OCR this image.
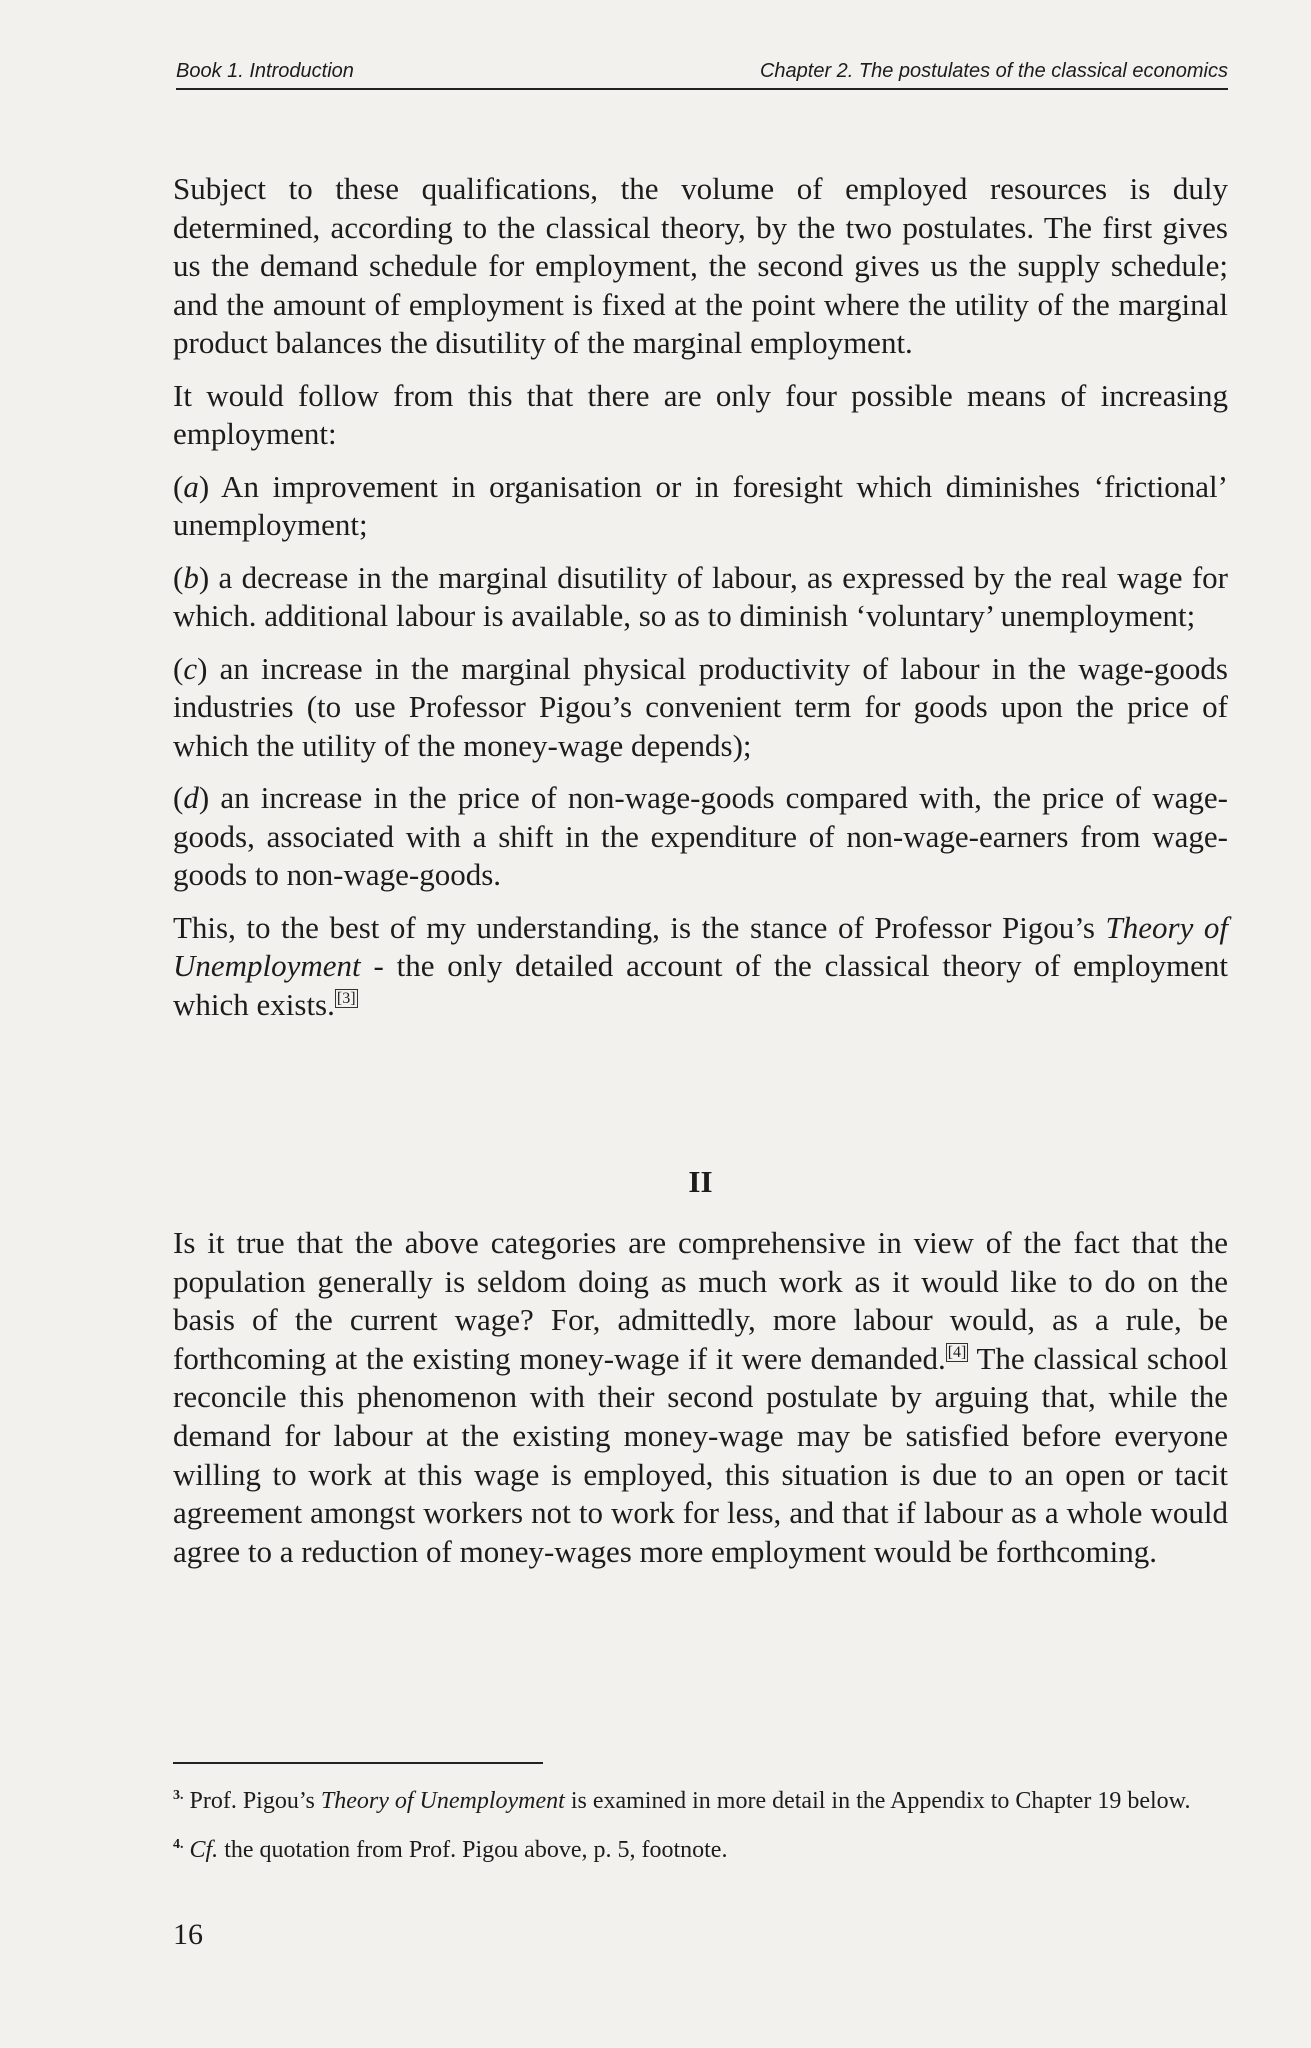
Book 1. Introduction	Chapter 2. The postulates of the classical economics

Subject to these qualifications, the volume of employed resources is duly determined, according to the classical theory, by the two postulates. The first gives us the demand schedule for employment, the second gives us the supply schedule; and the amount of employment is fixed at the point where the utility of the marginal product balances the disutility of the marginal employment.

It would follow from this that there are only four possible means of increasing employment:

(a) An improvement in organisation or in foresight which diminishes ‘frictional’ unemployment;

(b) a decrease in the marginal disutility of labour, as expressed by the real wage for which. additional labour is available, so as to diminish ‘voluntary’ unemployment;

(c) an increase in the marginal physical productivity of labour in the wage-goods industries (to use Professor Pigou’s convenient term for goods upon the price of which the utility of the money-wage depends);

(d) an increase in the price of non-wage-goods compared with, the price of wage-goods, associated with a shift in the expenditure of non-wage-earners from wage-goods to non-wage-goods.

This, to the best of my understanding, is the stance of Professor Pigou’s Theory of Unemployment - the only detailed account of the classical theory of employment which exists. [3]

II

Is it true that the above categories are comprehensive in view of the fact that the population generally is seldom doing as much work as it would like to do on the basis of the current wage? For, admittedly, more labour would, as a rule, be forthcoming at the existing money-wage if it were demanded. [4] The classical school reconcile this phenomenon with their second postulate by arguing that, while the demand for labour at the existing money-wage may be satisfied before everyone willing to work at this wage is employed, this situation is due to an open or tacit agreement amongst workers not to work for less, and that if labour as a whole would agree to a reduction of money-wages more employment would be forthcoming.

$^{3.}$ Prof. Pigou’s Theory of Unemployment is examined in more detail in the Appendix to Chapter 19 below.

$^{4.}$ Cf. the quotation from Prof. Pigou above, p. 5, footnote.

16
